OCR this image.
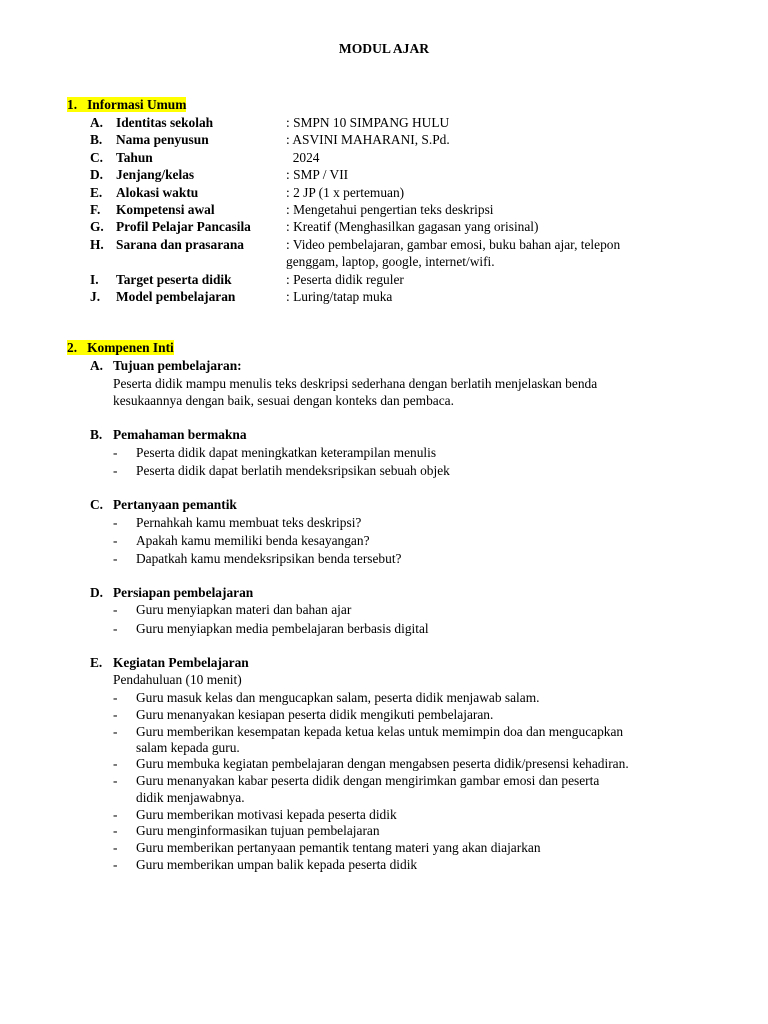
MODUL AJAR
1. Informasi Umum
A. Identitas sekolah	: SMPN 10 SIMPANG HULU
B. Nama penyusun	: ASVINI MAHARANI, S.Pd.
C. Tahun	2024
D. Jenjang/kelas	: SMP / VII
E. Alokasi waktu	: 2 JP (1 x pertemuan)
F. Kompetensi awal	: Mengetahui pengertian teks deskripsi
G. Profil Pelajar Pancasila	: Kreatif (Menghasilkan gagasan yang orisinal)
H. Sarana dan prasarana	: Video pembelajaran, gambar emosi, buku bahan ajar, telepon
genggam, laptop, google, internet/wifi.
I. Target peserta didik	: Peserta didik reguler
J. Model pembelajaran	: Luring/tatap muka
2. Kompenen Inti
A. Tujuan pembelajaran:
Peserta didik mampu menulis teks deskripsi sederhana dengan berlatih menjelaskan benda
kesukaannya dengan baik, sesuai dengan konteks dan pembaca.
B. Pemahaman bermakna
- Peserta didik dapat meningkatkan keterampilan menulis
- Peserta didik dapat berlatih mendeksripsikan sebuah objek
C. Pertanyaan pemantik
- Pernahkah kamu membuat teks deskripsi?
- Apakah kamu memiliki benda kesayangan?
- Dapatkah kamu mendeksripsikan benda tersebut?
D. Persiapan pembelajaran
- Guru menyiapkan materi dan bahan ajar
- Guru menyiapkan media pembelajaran berbasis digital
E. Kegiatan Pembelajaran
Pendahuluan (10 menit)
- Guru masuk kelas dan mengucapkan salam, peserta didik menjawab salam.
- Guru menanyakan kesiapan peserta didik mengikuti pembelajaran.
- Guru memberikan kesempatan kepada ketua kelas untuk memimpin doa dan mengucapkan
salam kepada guru.
- Guru membuka kegiatan pembelajaran dengan mengabsen peserta didik/presensi kehadiran.
- Guru menanyakan kabar peserta didik dengan mengirimkan gambar emosi dan peserta
didik menjawabnya.
- Guru memberikan motivasi kepada peserta didik
- Guru menginformasikan tujuan pembelajaran
- Guru memberikan pertanyaan pemantik tentang materi yang akan diajarkan
- Guru memberikan umpan balik kepada peserta didik
